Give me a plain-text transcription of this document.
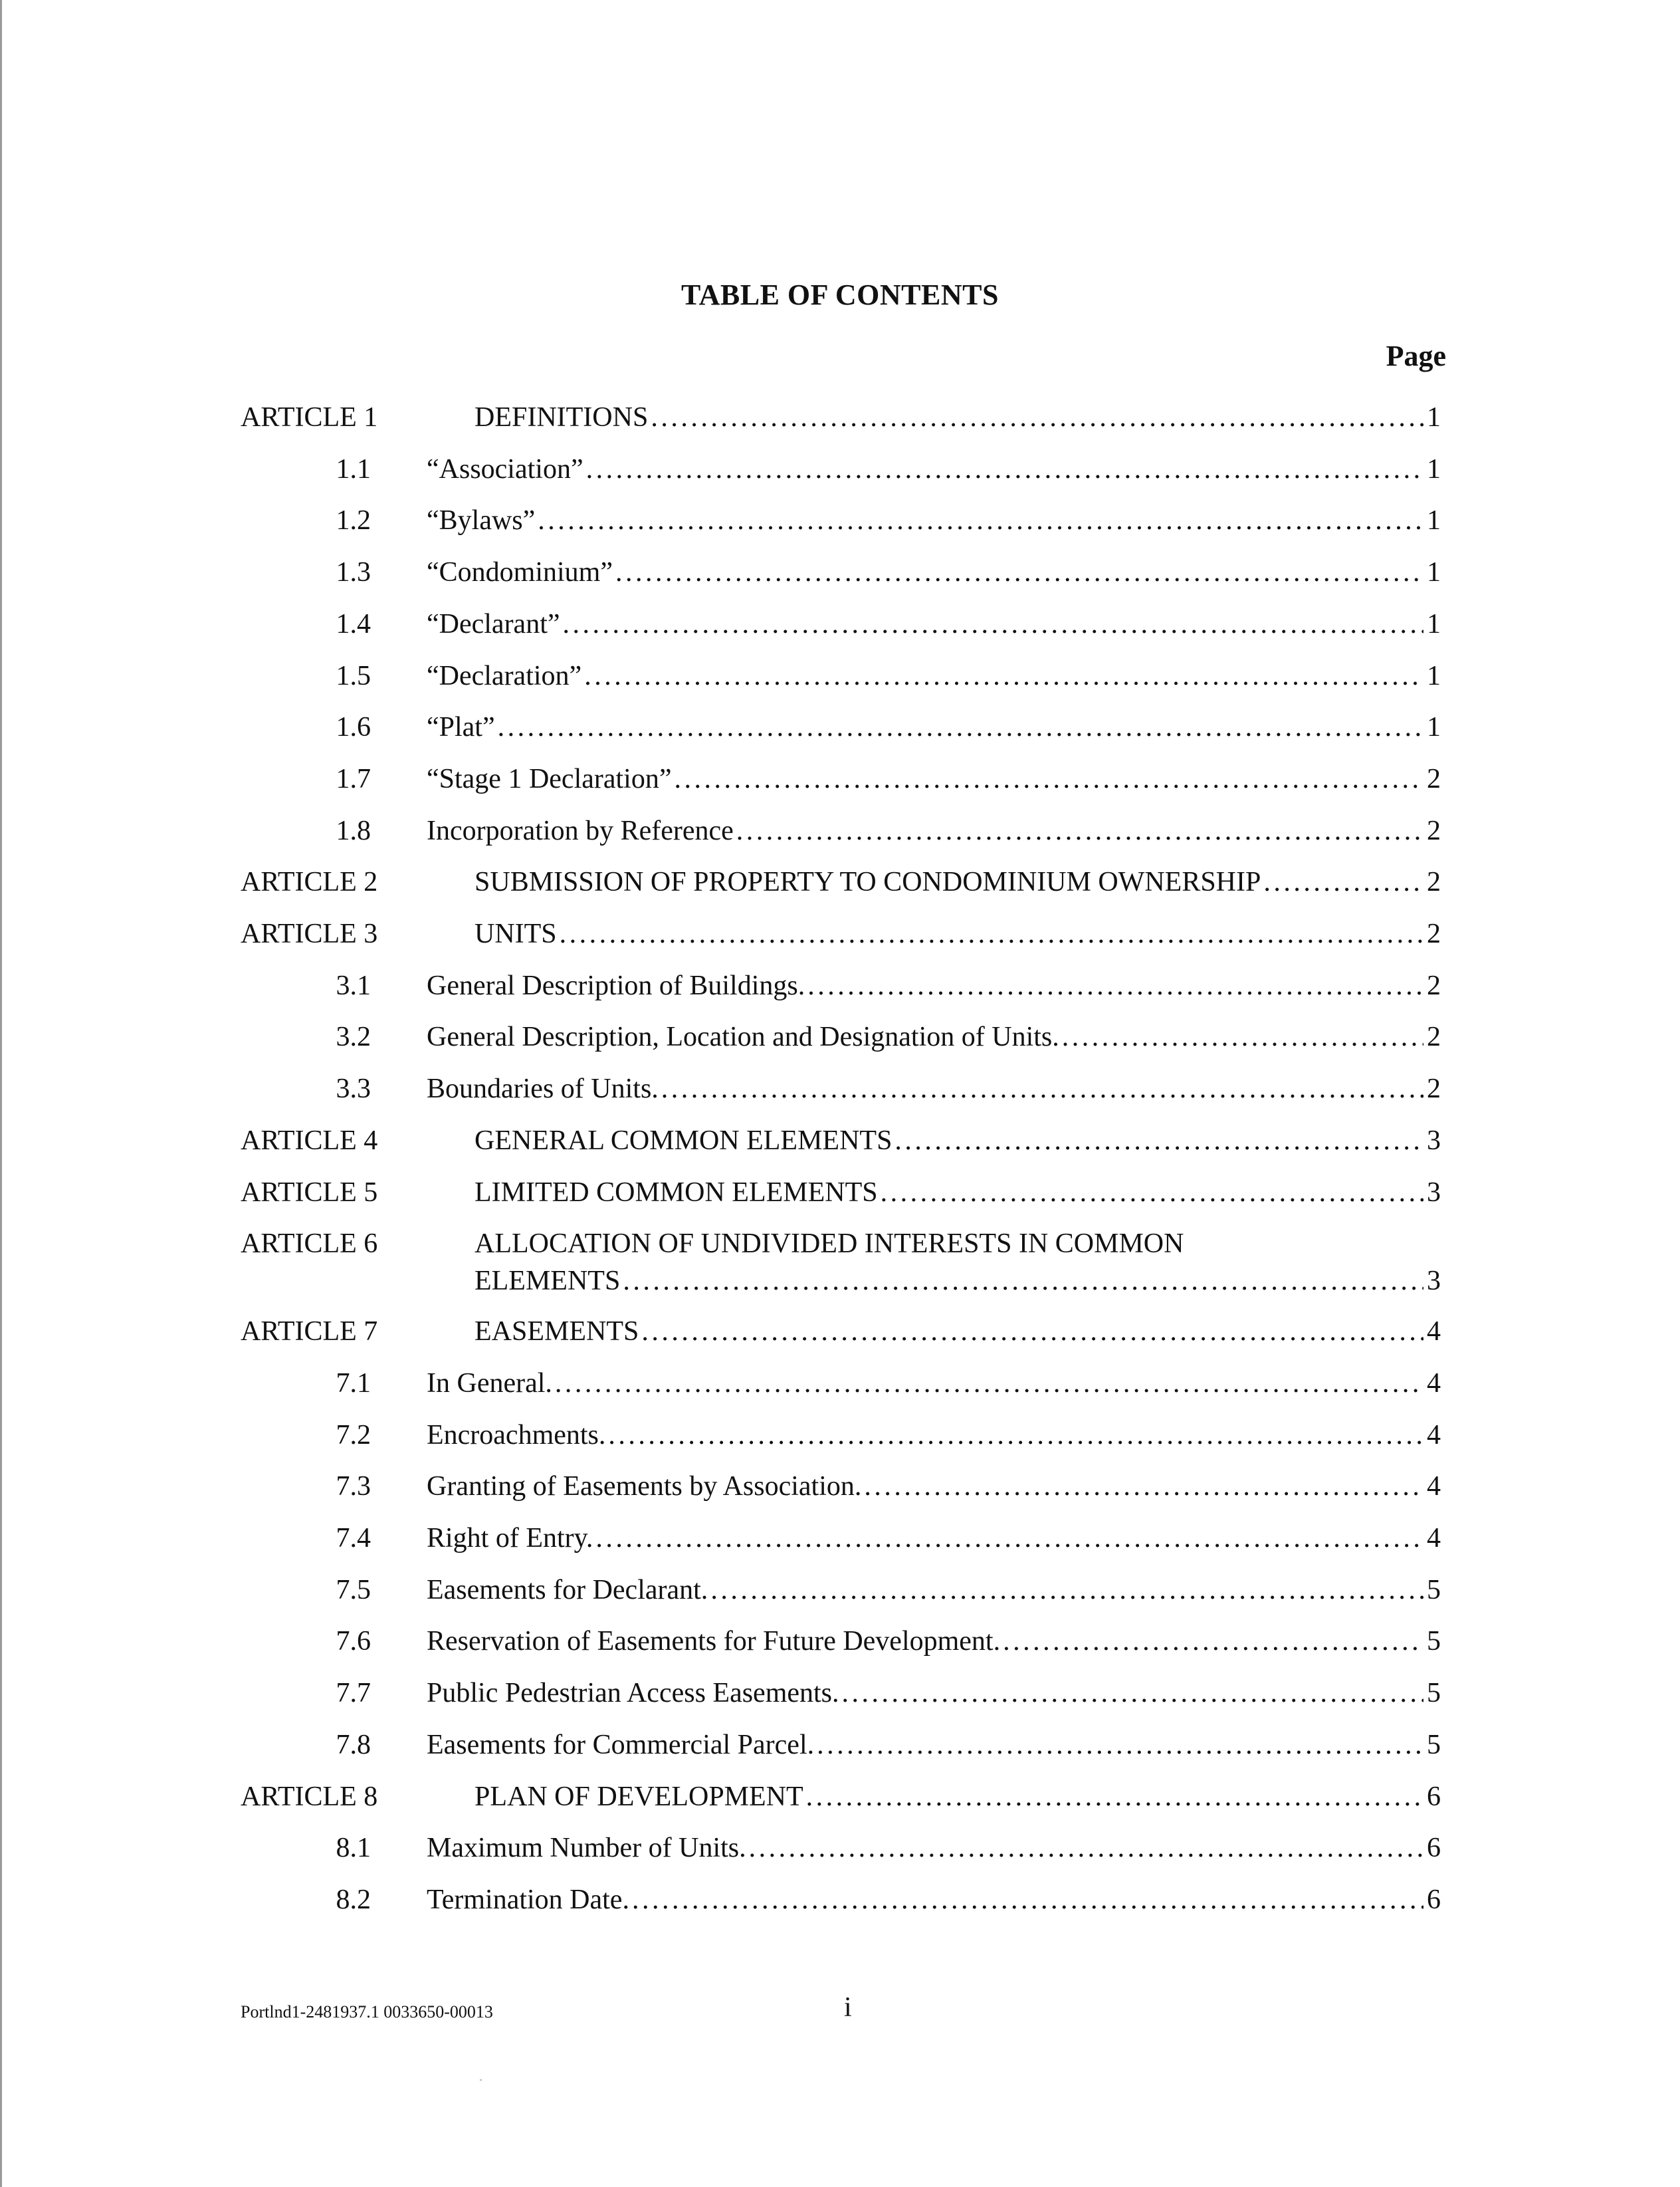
TABLE OF CONTENTS
Page
ARTICLE 1	DEFINITIONS . . .	1
1.1 “Association” . . .	1
1.2 “Bylaws” . . .	1
1.3 “Condominium” . . .	1
1.4 “Declarant” . . .	1
1.5 “Declaration” . . .	1
1.6 “Plat” . . .	1
1.7 “Stage 1 Declaration” . . .	2
1.8 Incorporation by Reference . . .	2
ARTICLE 2	SUBMISSION OF PROPERTY TO CONDOMINIUM OWNERSHIP . . .	2
ARTICLE 3	UNITS . . .	2
3.1 General Description of Buildings. . . .	2
3.2 General Description, Location and Designation of Units. . . .	2
3.3 Boundaries of Units. . . .	2
ARTICLE 4	GENERAL COMMON ELEMENTS . . .	3
ARTICLE 5	LIMITED COMMON ELEMENTS . . .	3
ARTICLE 6	ALLOCATION OF UNDIVIDED INTERESTS IN COMMON
ELEMENTS . . .	3
ARTICLE 7	EASEMENTS . . .	4
7.1 In General. . . .	4
7.2 Encroachments. . . .	4
7.3 Granting of Easements by Association. . . .	4
7.4 Right of Entry. . . .	4
7.5 Easements for Declarant. . . .	5
7.6 Reservation of Easements for Future Development. . . .	5
7.7 Public Pedestrian Access Easements. . . .	5
7.8 Easements for Commercial Parcel. . . .	5
ARTICLE 8	PLAN OF DEVELOPMENT . . .	6
8.1 Maximum Number of Units. . . .	6
8.2 Termination Date. . . .	6
Portlnd1-2481937.1 0033650-00013	i
